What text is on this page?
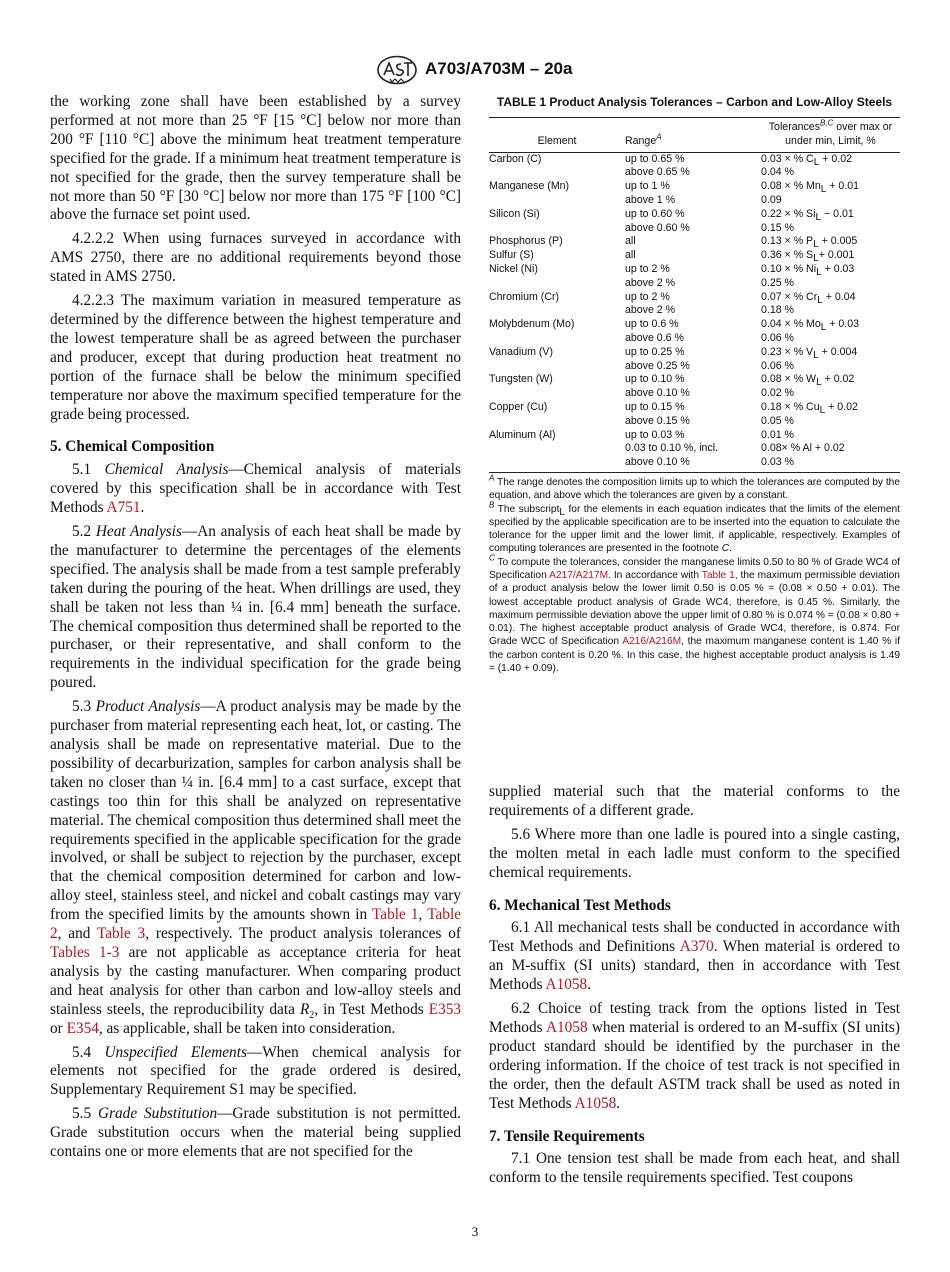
A703/A703M – 20a

the working zone shall have been established by a survey performed at not more than 25 °F [15 °C] below nor more than 200 °F [110 °C] above the minimum heat treatment temperature specified for the grade. If a minimum heat treatment temperature is not specified for the grade, then the survey temperature shall be not more than 50 °F [30 °C] below nor more than 175 °F [100 °C] above the furnace set point used.

4.2.2.2 When using furnaces surveyed in accordance with AMS 2750, there are no additional requirements beyond those stated in AMS 2750.

4.2.2.3 The maximum variation in measured temperature as determined by the difference between the highest temperature and the lowest temperature shall be as agreed between the purchaser and producer, except that during production heat treatment no portion of the furnace shall be below the minimum specified temperature nor above the maximum specified temperature for the grade being processed.

5. Chemical Composition

5.1 Chemical Analysis—Chemical analysis of materials covered by this specification shall be in accordance with Test Methods A751.

5.2 Heat Analysis—An analysis of each heat shall be made by the manufacturer to determine the percentages of the elements specified. The analysis shall be made from a test sample preferably taken during the pouring of the heat. When drillings are used, they shall be taken not less than ¼ in. [6.4 mm] beneath the surface. The chemical composition thus determined shall be reported to the purchaser, or their representative, and shall conform to the requirements in the individual specification for the grade being poured.

5.3 Product Analysis—A product analysis may be made by the purchaser from material representing each heat, lot, or casting. The analysis shall be made on representative material. Due to the possibility of decarburization, samples for carbon analysis shall be taken no closer than ¼ in. [6.4 mm] to a cast surface, except that castings too thin for this shall be analyzed on representative material. The chemical composition thus determined shall meet the requirements specified in the applicable specification for the grade involved, or shall be subject to rejection by the purchaser, except that the chemical composition determined for carbon and low-alloy steel, stainless steel, and nickel and cobalt castings may vary from the specified limits by the amounts shown in Table 1, Table 2, and Table 3, respectively. The product analysis tolerances of Tables 1-3 are not applicable as acceptance criteria for heat analysis by the casting manufacturer. When comparing product and heat analysis for other than carbon and low-alloy steels and stainless steels, the reproducibility data $R_2$, in Test Methods E353 or E354, as applicable, shall be taken into consideration.

5.4 Unspecified Elements—When chemical analysis for elements not specified for the grade ordered is desired, Supplementary Requirement S1 may be specified.

5.5 Grade Substitution—Grade substitution is not permitted. Grade substitution occurs when the material being supplied contains one or more elements that are not specified for the

TABLE 1 Product Analysis Tolerances – Carbon and Low-Alloy Steels
Element	Range$^A$	Tolerances$^{B,C}$ over max or under min, Limit, %
Carbon (C)	up to 0.65 %	0.03 × % $C_L + 0.02$
	above 0.65 %	0.04 %
Manganese (Mn)	up to 1 %	0.08 × % $Mn_L + 0.01$
	above 1 %	0.09
Silicon (Si)	up to 0.60 %	0.22 × % $Si_L - 0.01$
	above 0.60 %	0.15 %
Phosphorus (P)	all	0.13 × % $P_L + 0.005$
Sulfur (S)	all	0.36 × % $S_L+ 0.001$
Nickel (Ni)	up to 2 %	0.10 × % $Ni_L + 0.03$
	above 2 %	0.25 %
Chromium (Cr)	up to 2 %	0.07 × % $Cr_L + 0.04$
	above 2 %	0.18 %
Molybdenum (Mo)	up to 0.6 %	0.04 × % $Mo_L + 0.03$
	above 0.6 %	0.06 %
Vanadium (V)	up to 0.25 %	0.23 × % $V_L + 0.004$
	above 0.25 %	0.06 %
Tungsten (W)	up to 0.10 %	0.08 × % $W_L + 0.02$
	above 0.10 %	0.02 %
Copper (Cu)	up to 0.15 %	0.18 × % $Cu_L + 0.02$
	above 0.15 %	0.05 %
Aluminum (Al)	up to 0.03 %	0.01 %
	0.03 to 0.10 %, incl.	0.08× % Al + 0.02
	above 0.10 %	0.03 %

$^A$ The range denotes the composition limits up to which the tolerances are computed by the equation, and above which the tolerances are given by a constant.

$^B$ The subscript$_L$ for the elements in each equation indicates that the limits of the element specified by the applicable specification are to be inserted into the equation to calculate the tolerance for the upper limit and the lower limit, if applicable, respectively. Examples of computing tolerances are presented in the footnote C.

$^C$ To compute the tolerances, consider the manganese limits 0.50 to 80 % of Grade WC4 of Specification A217/A217M. In accordance with Table 1, the maximum permissible deviation of a product analysis below the lower limit 0.50 is 0.05 % = (0.08 × 0.50 + 0.01). The lowest acceptable product analysis of Grade WC4, therefore, is 0.45 %. Similarly, the maximum permissible deviation above the upper limit of 0.80 % is 0.074 % = (0.08 × 0.80 + 0.01). The highest acceptable product analysis of Grade WC4, therefore, is 0.874. For Grade WCC of Specification A216/A216M, the maximum manganese content is 1.40 % if the carbon content is 0.20 %. In this case, the highest acceptable product analysis is 1.49 = (1.40 + 0.09).

supplied material such that the material conforms to the requirements of a different grade.

5.6 Where more than one ladle is poured into a single casting, the molten metal in each ladle must conform to the specified chemical requirements.

6. Mechanical Test Methods

6.1 All mechanical tests shall be conducted in accordance with Test Methods and Definitions A370. When material is ordered to an M-suffix (SI units) standard, then in accordance with Test Methods A1058.

6.2 Choice of testing track from the options listed in Test Methods A1058 when material is ordered to an M-suffix (SI units) product standard should be identified by the purchaser in the ordering information. If the choice of test track is not specified in the order, then the default ASTM track shall be used as noted in Test Methods A1058.

7. Tensile Requirements

7.1 One tension test shall be made from each heat, and shall conform to the tensile requirements specified. Test coupons

3
